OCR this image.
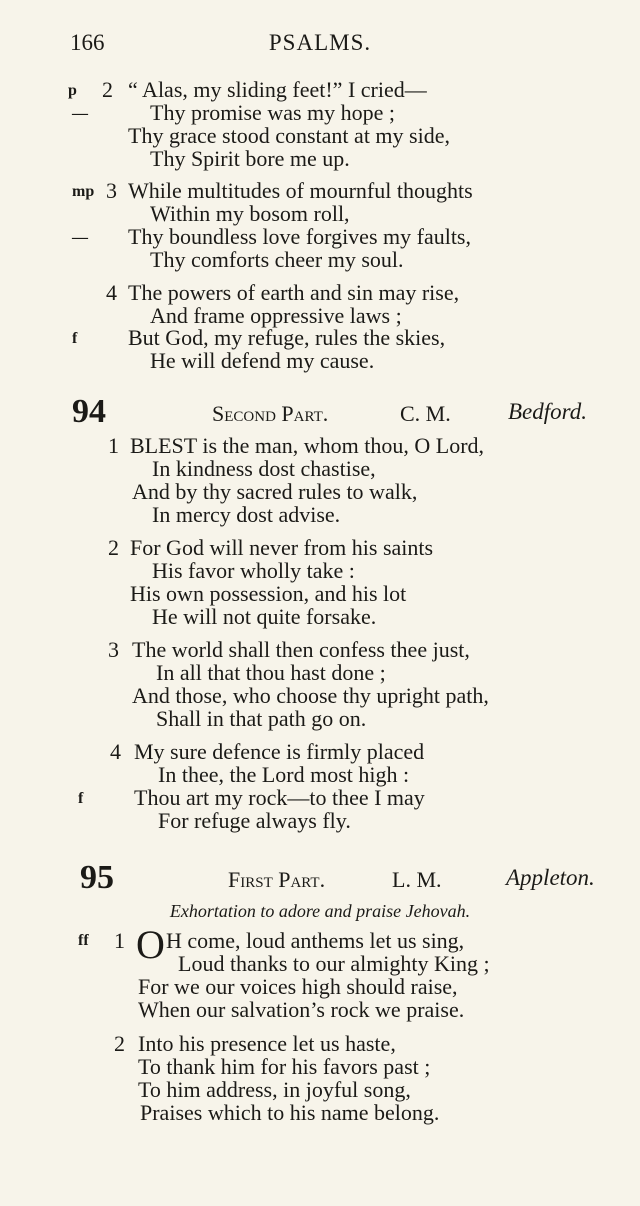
166	PSALMS.
p 2 “ Alas, my sliding feet!” I cried—
—	Thy promise was my hope ;
Thy grace stood constant at my side,
Thy Spirit bore me up.
mp 3 While multitudes of mournful thoughts
Within my bosom roll,
— Thy boundless love forgives my faults,
Thy comforts cheer my soul.
4 The powers of earth and sin may rise,
And frame oppressive laws ;
f But God, my refuge, rules the skies,
He will defend my cause.
94	Second Part.	C. M. Bedford.
1 BLEST is the man, whom thou, O Lord,
In kindness dost chastise,
And by thy sacred rules to walk,
In mercy dost advise.
2 For God will never from his saints
His favor wholly take :
His own possession, and his lot
He will not quite forsake.
3 The world shall then confess thee just,
In all that thou hast done ;
And those, who choose thy upright path,
Shall in that path go on.
4 My sure defence is firmly placed
In thee, the Lord most high :
f Thou art my rock—to thee I may
For refuge always fly.
95	First Part.	L. M.	Appleton.
Exhortation to adore and praise Jehovah.
ff 1 O H come, loud anthems let us sing,
Loud thanks to our almighty King ;
For we our voices high should raise,
When our salvation’s rock we praise.
2 Into his presence let us haste,
To thank him for his favors past ;
To him address, in joyful song,
Praises which to his name belong.
